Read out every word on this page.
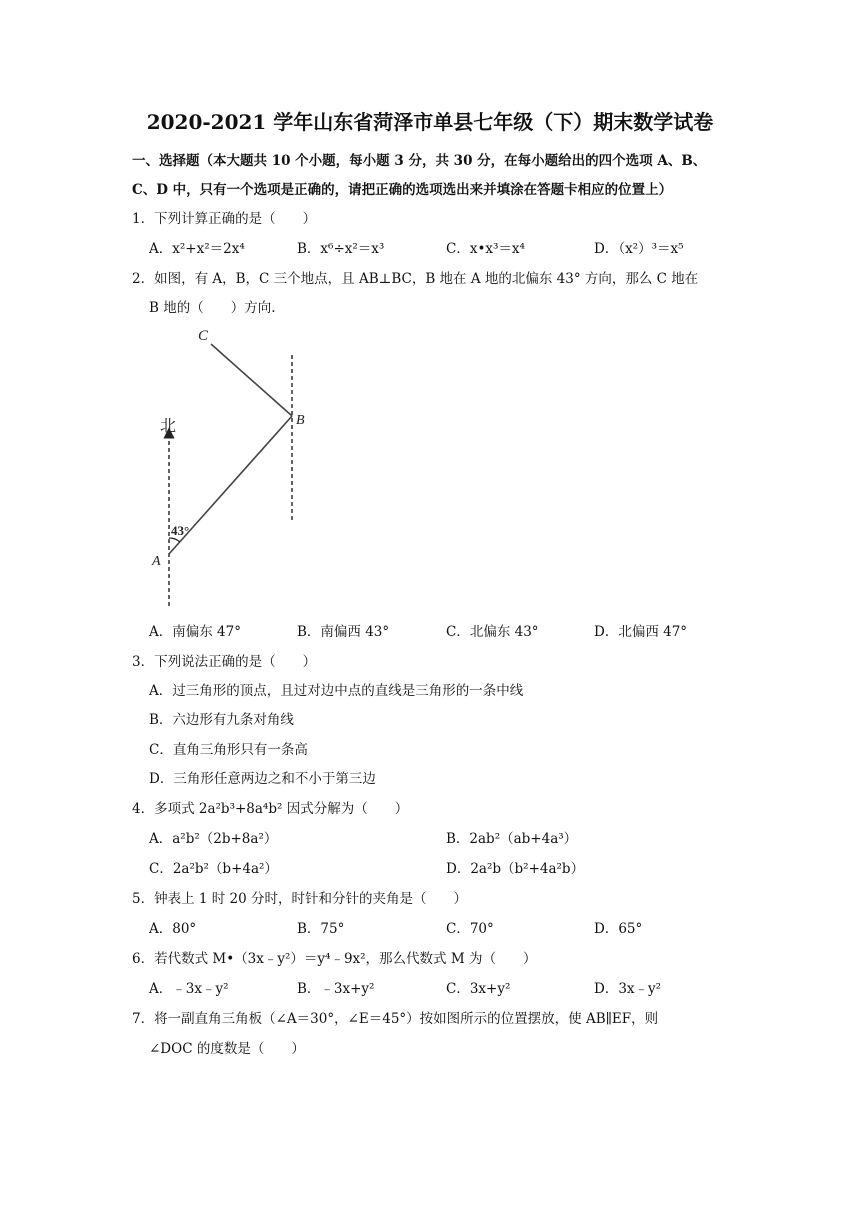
2020-2021 学年山东省菏泽市单县七年级（下）期末数学试卷
一、选择题（本大题共 10 个小题，每小题 3 分，共 30 分，在每小题给出的四个选项 A、B、
C、D 中，只有一个选项是正确的，请把正确的选项选出来并填涂在答题卡相应的位置上）
1．下列计算正确的是（　　）
A．x²+x²＝2x⁴	B．x⁶÷x²＝x³	C．x•x³＝x⁴	D．（x²）³＝x⁵
2．如图，有 A，B，C 三个地点，且 AB⊥BC，B 地在 A 地的北偏东 43° 方向，那么 C 地在
B 地的（　　）方向.
北
C
B
A
43°
A．南偏东 47°	B．南偏西 43°	C．北偏东 43°	D．北偏西 47°
3．下列说法正确的是（　　）
A．过三角形的顶点，且过对边中点的直线是三角形的一条中线
B．六边形有九条对角线
C．直角三角形只有一条高
D．三角形任意两边之和不小于第三边
4．多项式 2a²b³+8a⁴b² 因式分解为（　　）
A．a²b²（2b+8a²）	B．2ab²（ab+4a³）
C．2a²b²（b+4a²）	D．2a²b（b²+4a²b）
5．钟表上 1 时 20 分时，时针和分针的夹角是（　　）
A．80°	B．75°	C．70°	D．65°
6．若代数式 M•（3x﹣y²）＝y⁴﹣9x²，那么代数式 M 为（　　）
A．﹣3x﹣y²	B．﹣3x+y²	C．3x+y²	D．3x﹣y²
7．将一副直角三角板（∠A＝30°，∠E＝45°）按如图所示的位置摆放，使 AB∥EF，则
∠DOC 的度数是（　　）
